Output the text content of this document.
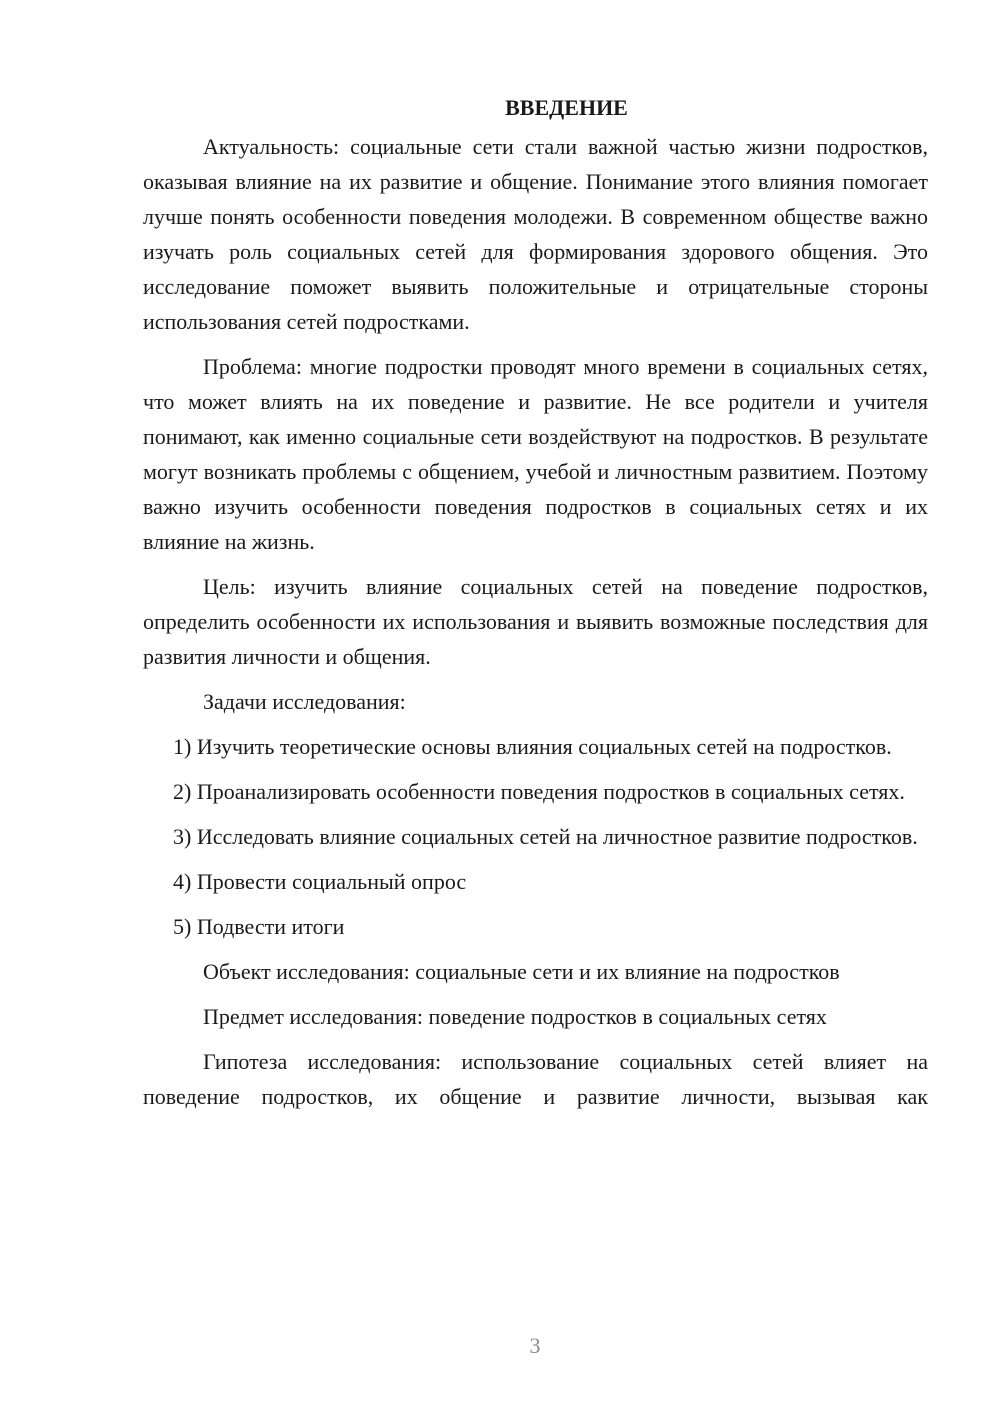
ВВЕДЕНИЕ

Актуальность: социальные сети стали важной частью жизни подростков, оказывая влияние на их развитие и общение. Понимание этого влияния помогает лучше понять особенности поведения молодежи. В современном обществе важно изучать роль социальных сетей для формирования здорового общения. Это исследование поможет выявить положительные и отрицательные стороны использования сетей подростками.

Проблема: многие подростки проводят много времени в социальных сетях, что может влиять на их поведение и развитие. Не все родители и учителя понимают, как именно социальные сети воздействуют на подростков. В результате могут возникать проблемы с общением, учебой и личностным развитием. Поэтому важно изучить особенности поведения подростков в социальных сетях и их влияние на жизнь.

Цель: изучить влияние социальных сетей на поведение подростков, определить особенности их использования и выявить возможные последствия для развития личности и общения.

Задачи исследования:

1) Изучить теоретические основы влияния социальных сетей на подростков.

2) Проанализировать особенности поведения подростков в социальных сетях.

3) Исследовать влияние социальных сетей на личностное развитие подростков.

4) Провести социальный опрос

5) Подвести итоги

Объект исследования: социальные сети и их влияние на подростков

Предмет исследования: поведение подростков в социальных сетях

Гипотеза исследования: использование социальных сетей влияет на поведение подростков, их общение и развитие личности, вызывая как

3
